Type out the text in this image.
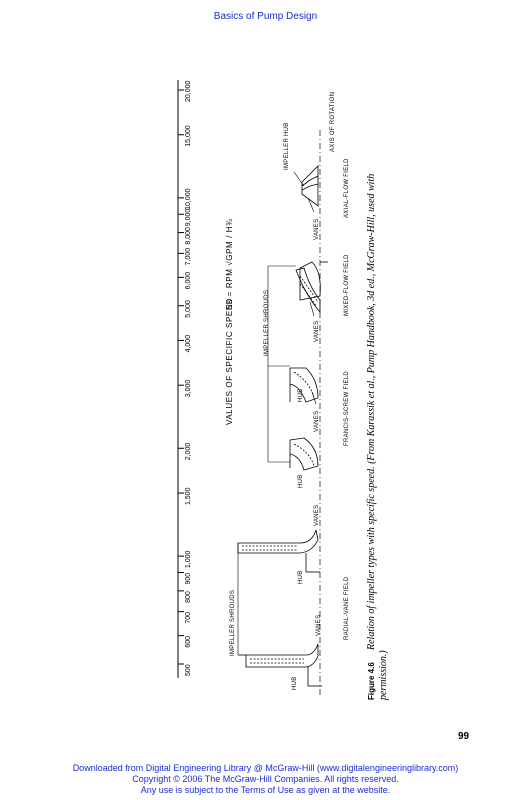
Basics of Pump Design
500
600
700
800
900
1,000
1,500
2,000
3,000
4,000
5,000
6,000
7,000
8,000
9,000
10,000
15,000
20,000
VALUES OF SPECIFIC SPEED
Ns = RPM √GPM / H¾
AXIAL-FLOW FIELD
MIXED-FLOW FIELD
FRANCIS-SCREW FIELD
RADIAL-VANE FIELD
AXIS OF ROTATION
IMPELLER HUB
VANES
VANES
IMPELLER SHROUDS
HUB
VANES
HUB
VANES
HUB
VANES
HUB
IMPELLER SHROUDS
Figure 4.6
Relation of impeller types with specific speed. (From Karassik et al., Pump Handbook, 3d ed., McGraw-Hill, used with
permission.)
99
Downloaded from Digital Engineering Library @ McGraw-Hill (www.digitalengineeringlibrary.com)
Copyright © 2006 The McGraw-Hill Companies. All rights reserved.
Any use is subject to the Terms of Use as given at the website.
